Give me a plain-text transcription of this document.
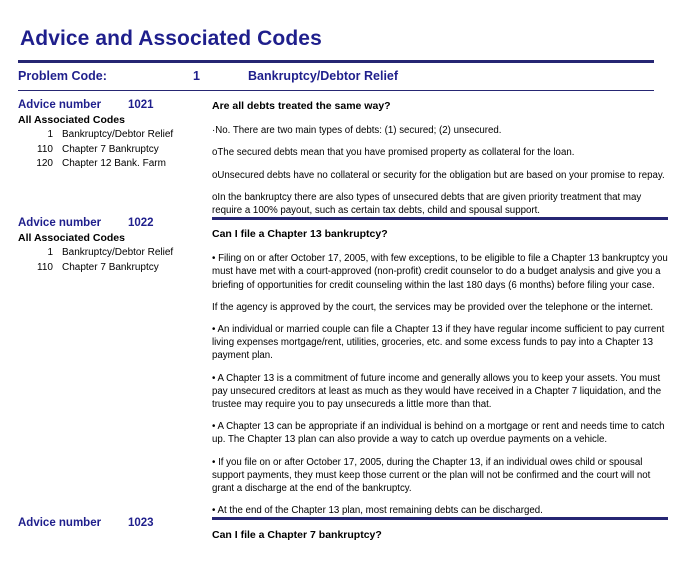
Advice and Associated Codes
Problem Code:	1	Bankruptcy/Debtor Relief
Advice number	1021
All Associated Codes
1 Bankruptcy/Debtor Relief
110 Chapter 7 Bankruptcy
120 Chapter 12 Bank. Farm
Are all debts treated the same way?
·No. There are two main types of debts: (1) secured; (2) unsecured.
oThe secured debts mean that you have promised property as collateral for the loan.
oUnsecured debts have no collateral or security for the obligation but are based on your promise to repay.
oIn the bankruptcy there are also types of unsecured debts that are given priority treatment that may require a 100% payout, such as certain tax debts, child and spousal support.
Advice number	1022
All Associated Codes
1 Bankruptcy/Debtor Relief
110 Chapter 7 Bankruptcy
Can I file a Chapter 13 bankruptcy?
• Filing on or after October 17, 2005, with few exceptions, to be eligible to file a Chapter 13 bankruptcy you must have met with a court-approved (non-profit) credit counselor to do a budget analysis and give you a briefing of opportunities for credit counseling within the last 180 days (6 months) before filing your case.
If the agency is approved by the court, the services may be provided over the telephone or the internet.
• An individual or married couple can file a Chapter 13 if they have regular income sufficient to pay current living expenses mortgage/rent, utilities, groceries, etc. and some excess funds to pay into a Chapter 13 payment plan.
• A Chapter 13 is a commitment of future income and generally allows you to keep your assets. You must pay unsecured creditors at least as much as they would have received in a Chapter 7 liquidation, and the trustee may require you to pay unsecureds a little more than that.
• A Chapter 13 can be appropriate if an individual is behind on a mortgage or rent and needs time to catch up. The Chapter 13 plan can also provide a way to catch up overdue payments on a vehicle.
• If you file on or after October 17, 2005, during the Chapter 13, if an individual owes child or spousal support payments, they must keep those current or the plan will not be confirmed and the court will not grant a discharge at the end of the bankruptcy.
• At the end of the Chapter 13 plan, most remaining debts can be discharged.
Advice number	1023
Can I file a Chapter 7 bankruptcy?
